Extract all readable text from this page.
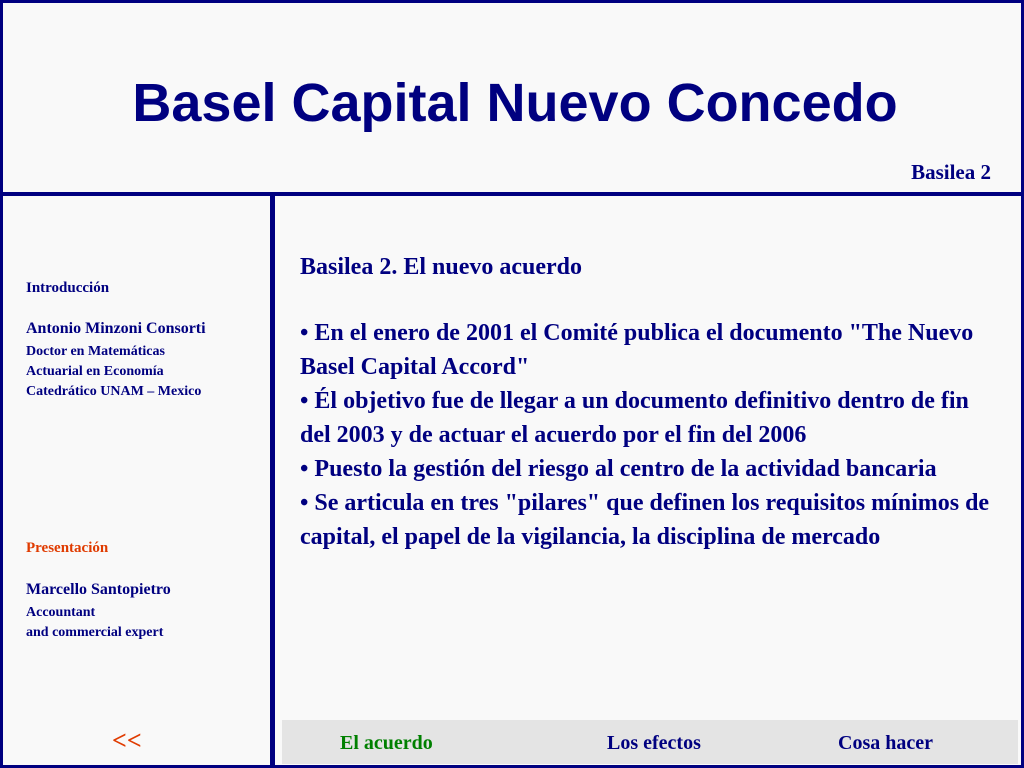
Basel Capital Nuevo Concedo
Basilea 2
Introducción
Antonio Minzoni Consorti
Doctor en Matemáticas
Actuarial en Economía
Catedrático UNAM – Mexico
Presentación
Marcello Santopietro
Accountant
and commercial expert
<<

Basilea 2. El nuevo acuerdo

• En el enero de 2001 el Comité publica el documento "The Nuevo Basel Capital Accord"

• Él objetivo fue de llegar a un documento definitivo dentro de fin del 2003 y de actuar el acuerdo por el fin del 2006

• Puesto la gestión del riesgo al centro de la actividad bancaria

• Se articula en tres "pilares" que definen los requisitos mínimos de capital, el papel de la vigilancia, la disciplina de mercado

El acuerdo	Los efectos	Cosa hacer
